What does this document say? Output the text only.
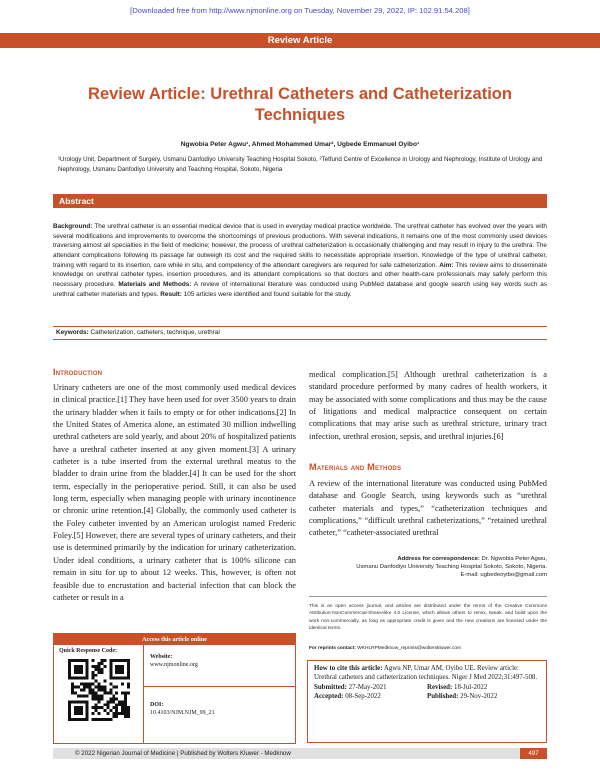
[Downloaded free from http://www.njmonline.org on Tuesday, November 29, 2022, IP: 102.91.54.208]
Review Article
Review Article: Urethral Catheters and Catheterization Techniques
Ngwobia Peter Agwu¹, Ahmed Mohammed Umar², Ugbede Emmanuel Oyibo¹
¹Urology Unit, Department of Surgery, Usmanu Danfodiyo University Teaching Hospital Sokoto, ²Tetfund Centre of Excellence in Urology and Nephrology, Institute of Urology and Nephrology, Usmanu Danfodiyo University and Teaching Hospital, Sokoto, Nigeria
Abstract
Background: The urethral catheter is an essential medical device that is used in everyday medical practice worldwide. The urethral catheter has evolved over the years with several modifications and improvements to overcome the shortcomings of previous productions. With several indications, it remains one of the most commonly used devices traversing almost all specialties in the field of medicine; however, the process of urethral catheterization is occasionally challenging and may result in injury to the urethra. The attendant complications following its passage far outweigh its cost and the required skills to necessitate appropriate insertion. Knowledge of the type of urethral catheter, training with regard to its insertion, care while in situ, and competency of the attendant caregivers are required for safe catheterization. Aim: This review aims to disseminate knowledge on urethral catheter types, insertion procedures, and its attendant complications so that doctors and other health-care professionals may safely perform this necessary procedure. Materials and Methods: A review of international literature was conducted using PubMed database and google search using key words such as urethral catheter materials and types. Result: 105 articles were identified and found suitable for the study.
Keywords: Catheterization, catheters, technique, urethral
Introduction
Urinary catheters are one of the most commonly used medical devices in clinical practice.[1] They have been used for over 3500 years to drain the urinary bladder when it fails to empty or for other indications.[2] In the United States of America alone, an estimated 30 million indwelling urethral catheters are sold yearly, and about 20% of hospitalized patients have a urethral catheter inserted at any given moment.[3] A urinary catheter is a tube inserted from the external urethral meatus to the bladder to drain urine from the bladder.[4] It can be used for the short term, especially in the perioperative period. Still, it can also be used long term, especially when managing people with urinary incontinence or chronic urine retention.[4] Globally, the commonly used catheter is the Foley catheter invented by an American urologist named Frederic Foley.[5] However, there are several types of urinary catheters, and their use is determined primarily by the indication for urinary catheterization. Under ideal conditions, a urinary catheter that is 100% silicone can remain in situ for up to about 12 weeks. This, however, is often not feasible due to encrustation and bacterial infection that can block the catheter or result in a
medical complication.[5] Although urethral catheterization is a standard procedure performed by many cadres of health workers, it may be associated with some complications and thus may be the cause of litigations and medical malpractice consequent on certain complications that may arise such as urethral stricture, urinary tract infection, urethral erosion, sepsis, and urethral injuries.[6]
Materials and Methods
A review of the international literature was conducted using PubMed database and Google Search, using keywords such as “urethral catheter materials and types,” “catheterization techniques and complications,” “difficult urethral catheterizations,” “retained urethral catheter,” “catheter-associated urethral
Address for correspondence: Dr. Ngwobia Peter Agwu,
Usmanu Danfodiyo University Teaching Hospital Sokoto, Sokoto, Nigeria.
E-mail: ugbedeoyibo@gmail.com
This is an open access journal, and articles are distributed under the terms of the Creative Commons Attribution-NonCommercial-ShareAlike 4.0 License, which allows others to remix, tweak, and build upon the work non-commercially, as long as appropriate credit is given and the new creations are licensed under the identical terms.
For reprints contact: WKHLRPMedknow_reprints@wolterskluwer.com
How to cite this article: Agwu NP, Umar AM, Oyibo UE. Review article: Urethral catheters and catheterization techniques. Niger J Med 2022;31:497-508.
Submitted: 27-May-2021	Revised: 18-Jul-2022
Accepted: 08-Sep-2022	Published: 29-Nov-2022
Access this article online
Quick Response Code:
Website:
www.njmonline.org
DOI:
10.4103/NJM.NJM_99_21
© 2022 Nigerian Journal of Medicine | Published by Wolters Kluwer - Medknow	497
